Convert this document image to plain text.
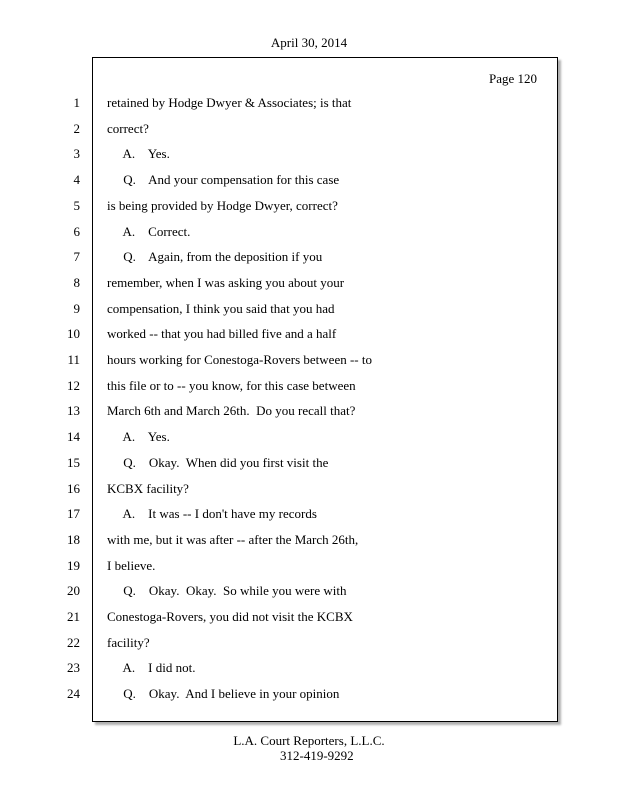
April 30, 2014
Page 120
1 retained by Hodge Dwyer & Associates; is that
2 correct?
3 A.    Yes.
4 Q.    And your compensation for this case
5 is being provided by Hodge Dwyer, correct?
6 A.    Correct.
7 Q.    Again, from the deposition if you
8 remember, when I was asking you about your
9 compensation, I think you said that you had
10 worked -- that you had billed five and a half
11 hours working for Conestoga-Rovers between -- to
12 this file or to -- you know, for this case between
13 March 6th and March 26th.  Do you recall that?
14 A.    Yes.
15 Q.    Okay.  When did you first visit the
16 KCBX facility?
17 A.    It was -- I don't have my records
18 with me, but it was after -- after the March 26th,
19 I believe.
20 Q.    Okay.  Okay.  So while you were with
21 Conestoga-Rovers, you did not visit the KCBX
22 facility?
23 A.    I did not.
24 Q.    Okay.  And I believe in your opinion
L.A. Court Reporters, L.L.C.
312-419-9292
